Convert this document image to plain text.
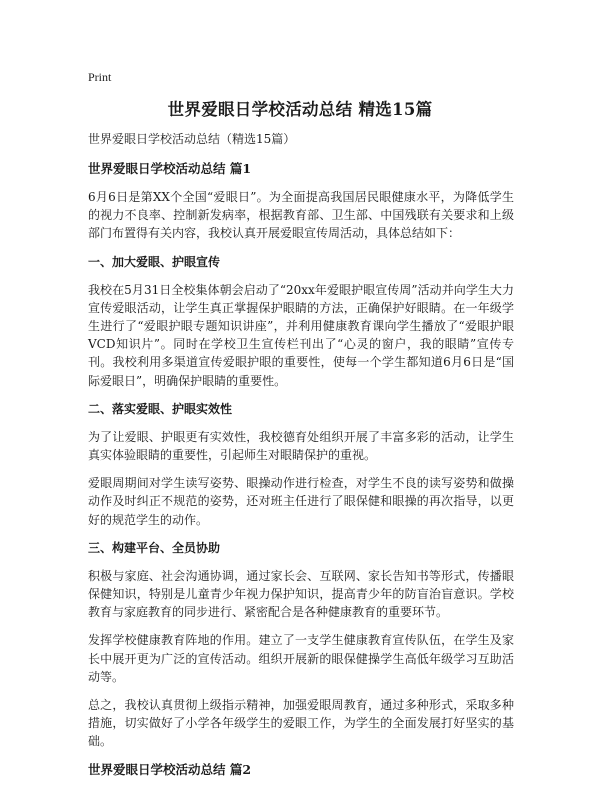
Print
世界爱眼日学校活动总结 精选15篇

世界爱眼日学校活动总结（精选15篇）

世界爱眼日学校活动总结 篇1

6月6日是第XX个全国“爱眼日”。为全面提高我国居民眼健康水平，为降低学生的视力不良率、控制新发病率，根据教育部、卫生部、中国残联有关要求和上级部门布置得有关内容，我校认真开展爱眼宣传周活动，具体总结如下：

一、加大爱眼、护眼宣传

我校在5月31日全校集体朝会启动了“20xx年爱眼护眼宣传周”活动并向学生大力宣传爱眼活动，让学生真正掌握保护眼睛的方法，正确保护好眼睛。在一年级学生进行了“爱眼护眼专题知识讲座”，并利用健康教育课向学生播放了“爱眼护眼VCD知识片”。同时在学校卫生宣传栏刊出了“心灵的窗户，我的眼睛”宣传专刊。我校利用多渠道宣传爱眼护眼的重要性，使每一个学生都知道6月6日是“国际爱眼日”，明确保护眼睛的重要性。

二、落实爱眼、护眼实效性

为了让爱眼、护眼更有实效性，我校德育处组织开展了丰富多彩的活动，让学生真实体验眼睛的重要性，引起师生对眼睛保护的重视。

爱眼周期间对学生读写姿势、眼操动作进行检查，对学生不良的读写姿势和做操动作及时纠正不规范的姿势，还对班主任进行了眼保健和眼操的再次指导，以更好的规范学生的动作。

三、构建平台、全员协助

积极与家庭、社会沟通协调，通过家长会、互联网、家长告知书等形式，传播眼保健知识，特别是儿童青少年视力保护知识，提高青少年的防盲治盲意识。学校教育与家庭教育的同步进行、紧密配合是各种健康教育的重要环节。

发挥学校健康教育阵地的作用。建立了一支学生健康教育宣传队伍，在学生及家长中展开更为广泛的宣传活动。组织开展新的眼保健操学生高低年级学习互助活动等。

总之，我校认真贯彻上级指示精神，加强爱眼周教育，通过多种形式，采取多种措施，切实做好了小学各年级学生的爱眼工作，为学生的全面发展打好坚实的基础。

世界爱眼日学校活动总结 篇2
